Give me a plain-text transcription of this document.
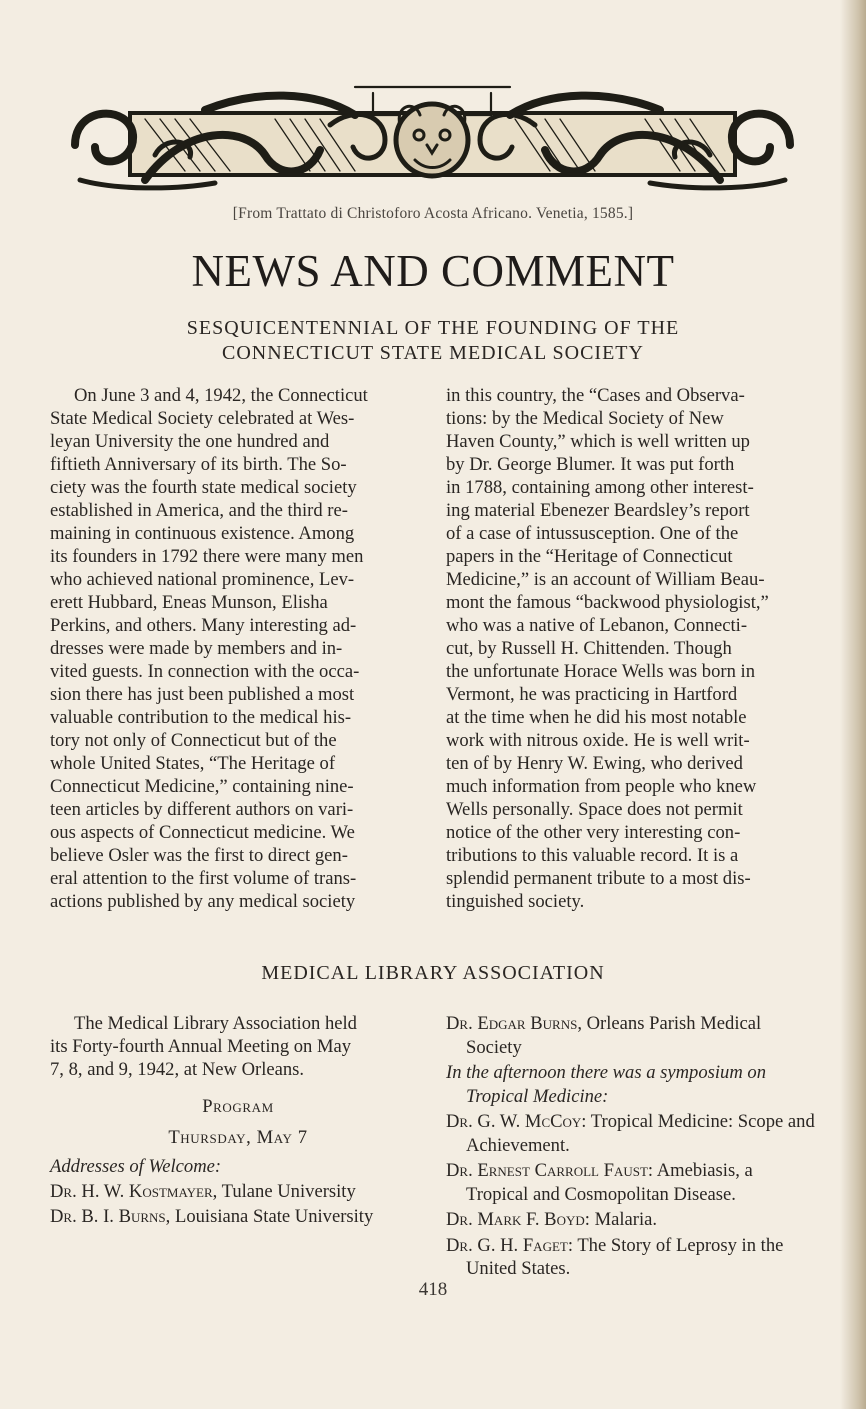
[From Trattato di Christoforo Acosta Africano. Venetia, 1585.]
NEWS AND COMMENT
SESQUICENTENNIAL OF THE FOUNDING OF THE
CONNECTICUT STATE MEDICAL SOCIETY

On June 3 and 4, 1942, the Connecticut
State Medical Society celebrated at Wes-
leyan University the one hundred and
fiftieth Anniversary of its birth. The So-
ciety was the fourth state medical society
established in America, and the third re-
maining in continuous existence. Among
its founders in 1792 there were many men
who achieved national prominence, Lev-
erett Hubbard, Eneas Munson, Elisha
Perkins, and others. Many interesting ad-
dresses were made by members and in-
vited guests. In connection with the occa-
sion there has just been published a most
valuable contribution to the medical his-
tory not only of Connecticut but of the
whole United States, “The Heritage of
Connecticut Medicine,” containing nine-
teen articles by different authors on vari-
ous aspects of Connecticut medicine. We
believe Osler was the first to direct gen-
eral attention to the first volume of trans-
actions published by any medical society

in this country, the “Cases and Observa-
tions: by the Medical Society of New
Haven County,” which is well written up
by Dr. George Blumer. It was put forth
in 1788, containing among other interest-
ing material Ebenezer Beardsley’s report
of a case of intussusception. One of the
papers in the “Heritage of Connecticut
Medicine,” is an account of William Beau-
mont the famous “backwood physiologist,”
who was a native of Lebanon, Connecti-
cut, by Russell H. Chittenden. Though
the unfortunate Horace Wells was born in
Vermont, he was practicing in Hartford
at the time when he did his most notable
work with nitrous oxide. He is well writ-
ten of by Henry W. Ewing, who derived
much information from people who knew
Wells personally. Space does not permit
notice of the other very interesting con-
tributions to this valuable record. It is a
splendid permanent tribute to a most dis-
tinguished society.

MEDICAL LIBRARY ASSOCIATION

The Medical Library Association held
its Forty-fourth Annual Meeting on May
7, 8, and 9, 1942, at New Orleans.

Program
Thursday, May 7
Addresses of Welcome:

Dr. H. W. Kostmayer, Tulane University

Dr. B. I. Burns, Louisiana State University

Dr. Edgar Burns, Orleans Parish Medical Society

In the afternoon there was a symposium on Tropical Medicine:

Dr. G. W. McCoy: Tropical Medicine: Scope and Achievement.

Dr. Ernest Carroll Faust: Amebiasis, a Tropical and Cosmopolitan Disease.

Dr. Mark F. Boyd: Malaria.

Dr. G. H. Faget: The Story of Leprosy in the United States.

418
